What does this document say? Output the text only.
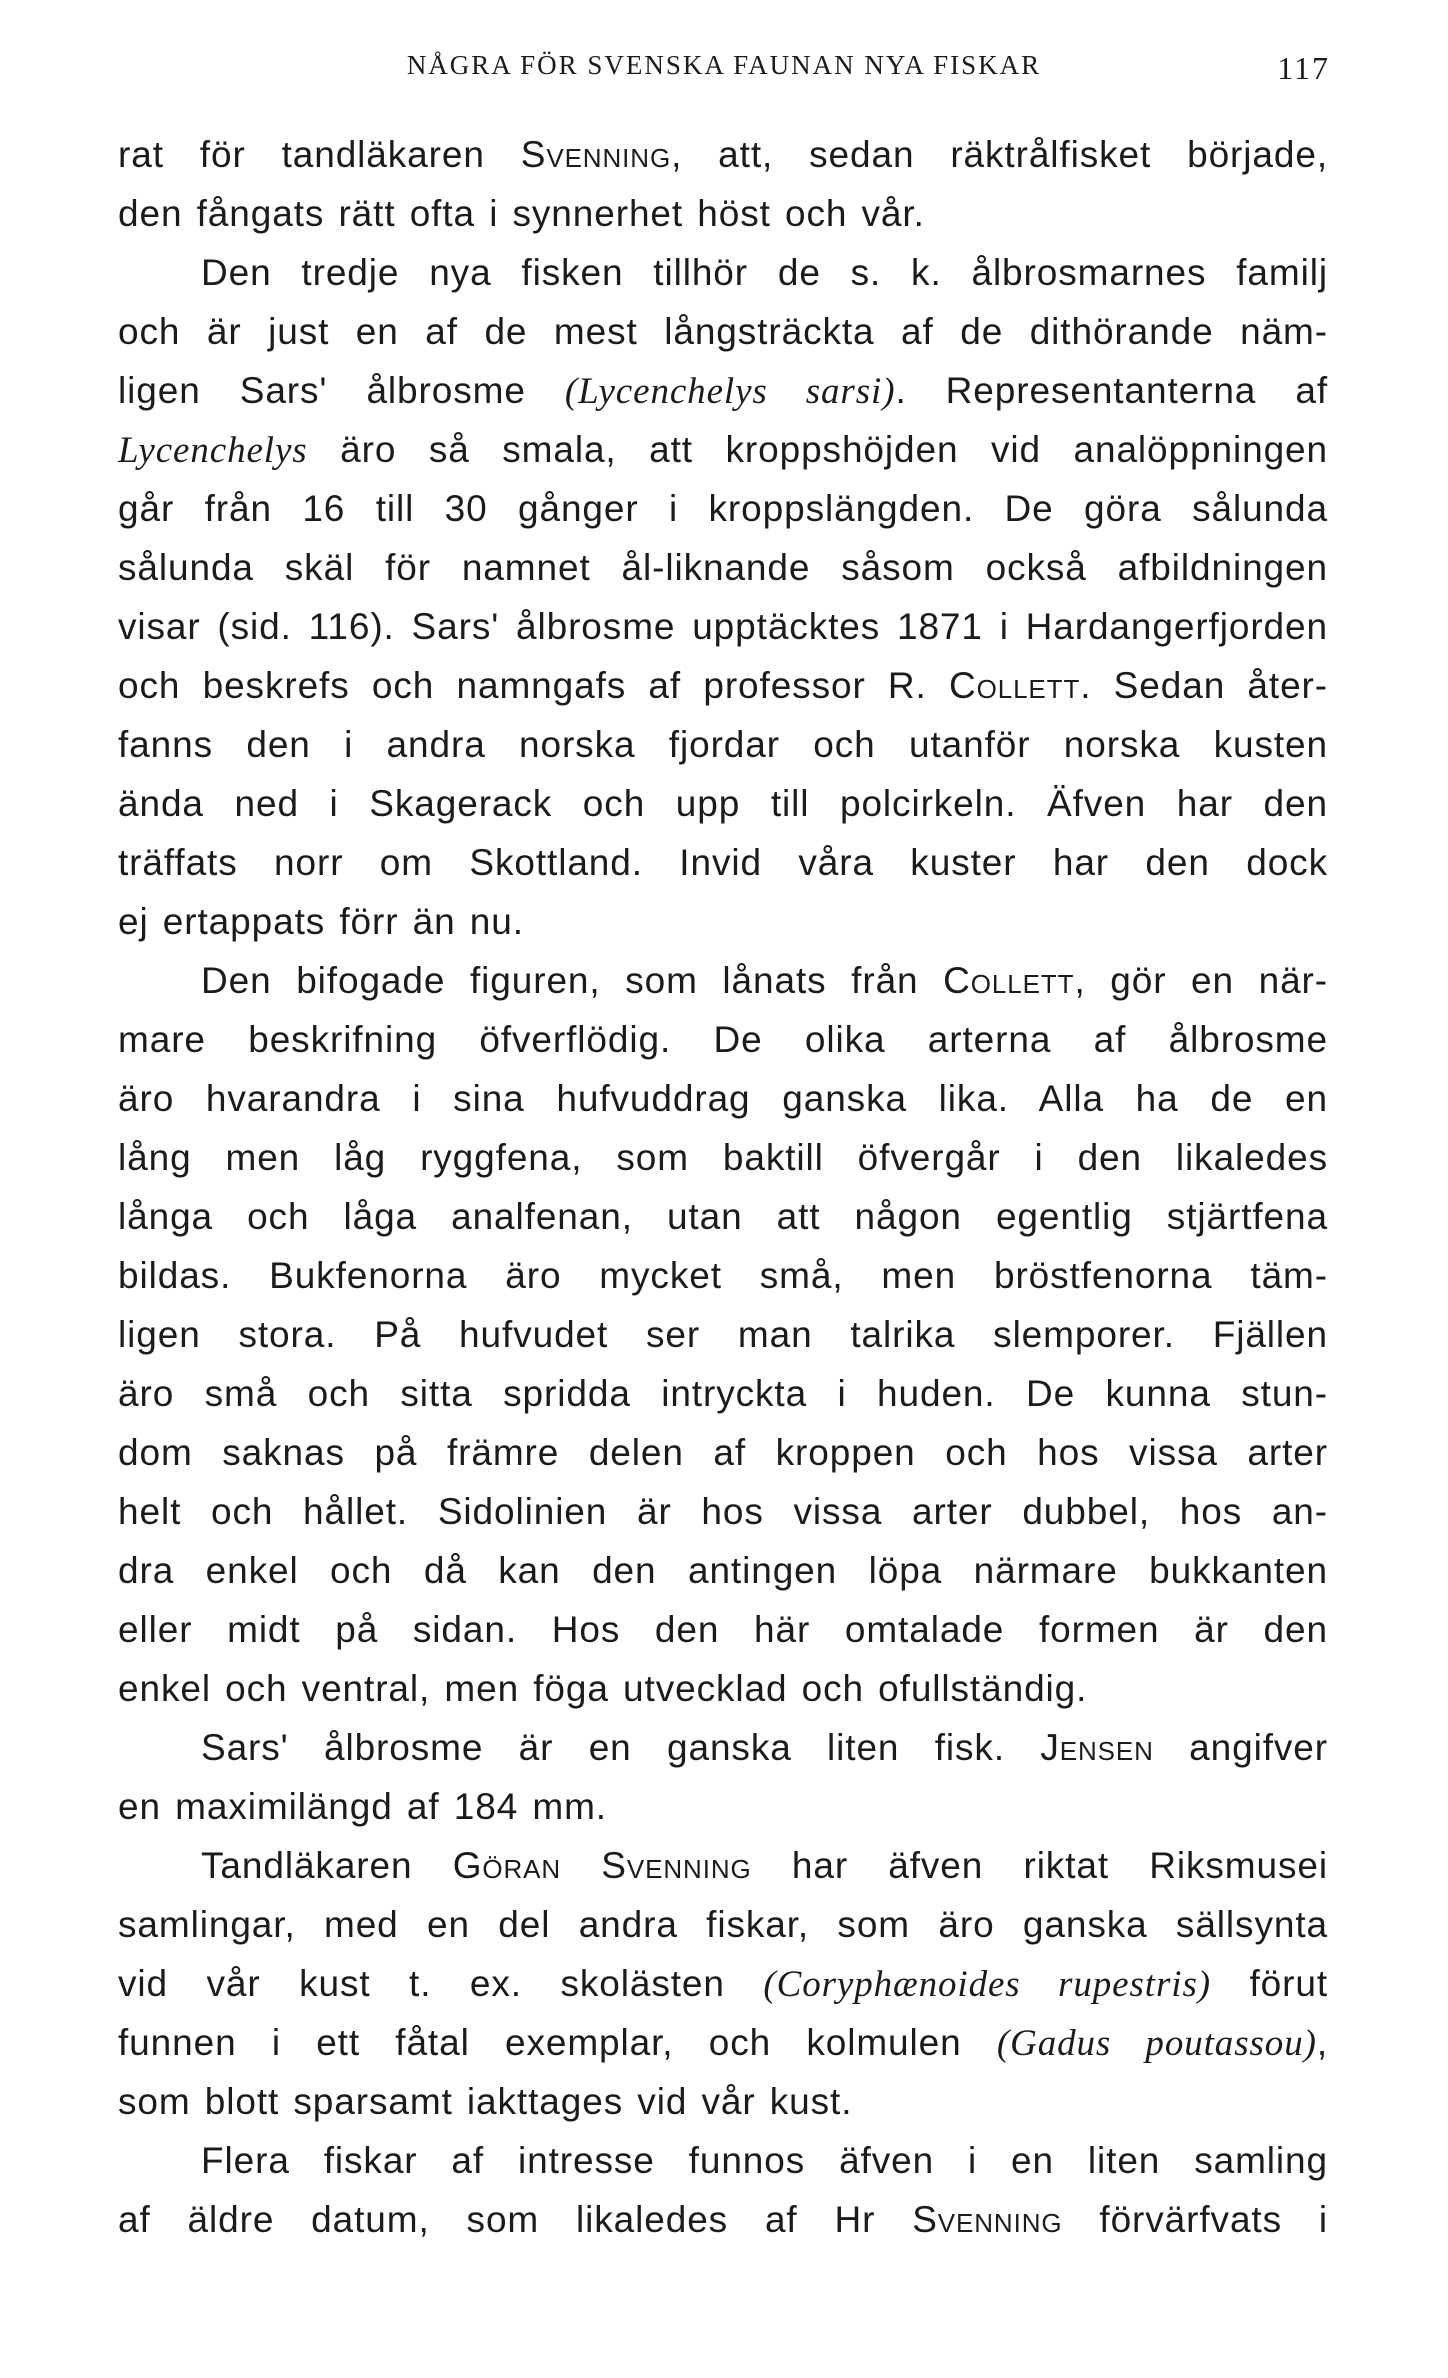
NÅGRA FÖR SVENSKA FAUNAN NYA FISKAR	117
rat för tandläkaren Svenning, att, sedan räktrålfisket började,
den fångats rätt ofta i synnerhet höst och vår.
Den tredje nya fisken tillhör de s. k. ålbrosmarnes familj
och är just en af de mest långsträckta af de dithörande näm-
ligen Sars' ålbrosme (Lycenchelys sarsi). Representanterna af
Lycenchelys äro så smala, att kroppshöjden vid analöppningen
går från 16 till 30 gånger i kroppslängden. De göra sålunda
sålunda skäl för namnet ål-liknande såsom också afbildningen
visar (sid. 116). Sars' ålbrosme upptäcktes 1871 i Hardangerfjorden
och beskrefs och namngafs af professor R. Collett. Sedan åter-
fanns den i andra norska fjordar och utanför norska kusten
ända ned i Skagerack och upp till polcirkeln. Äfven har den
träffats norr om Skottland. Invid våra kuster har den dock
ej ertappats förr än nu.
Den bifogade figuren, som lånats från Collett, gör en när-
mare beskrifning öfverflödig. De olika arterna af ålbrosme
äro hvarandra i sina hufvuddrag ganska lika. Alla ha de en
lång men låg ryggfena, som baktill öfvergår i den likaledes
långa och låga analfenan, utan att någon egentlig stjärtfena
bildas. Bukfenorna äro mycket små, men bröstfenorna täm-
ligen stora. På hufvudet ser man talrika slemporer. Fjällen
äro små och sitta spridda intryckta i huden. De kunna stun-
dom saknas på främre delen af kroppen och hos vissa arter
helt och hållet. Sidolinien är hos vissa arter dubbel, hos an-
dra enkel och då kan den antingen löpa närmare bukkanten
eller midt på sidan. Hos den här omtalade formen är den
enkel och ventral, men föga utvecklad och ofullständig.
Sars' ålbrosme är en ganska liten fisk. Jensen angifver
en maximilängd af 184 mm.
Tandläkaren Göran Svenning har äfven riktat Riksmusei
samlingar, med en del andra fiskar, som äro ganska sällsynta
vid vår kust t. ex. skolästen (Coryphænoides rupestris) förut
funnen i ett fåtal exemplar, och kolmulen (Gadus poutassou),
som blott sparsamt iakttages vid vår kust.
Flera fiskar af intresse funnos äfven i en liten samling
af äldre datum, som likaledes af Hr Svenning förvärfvats i
